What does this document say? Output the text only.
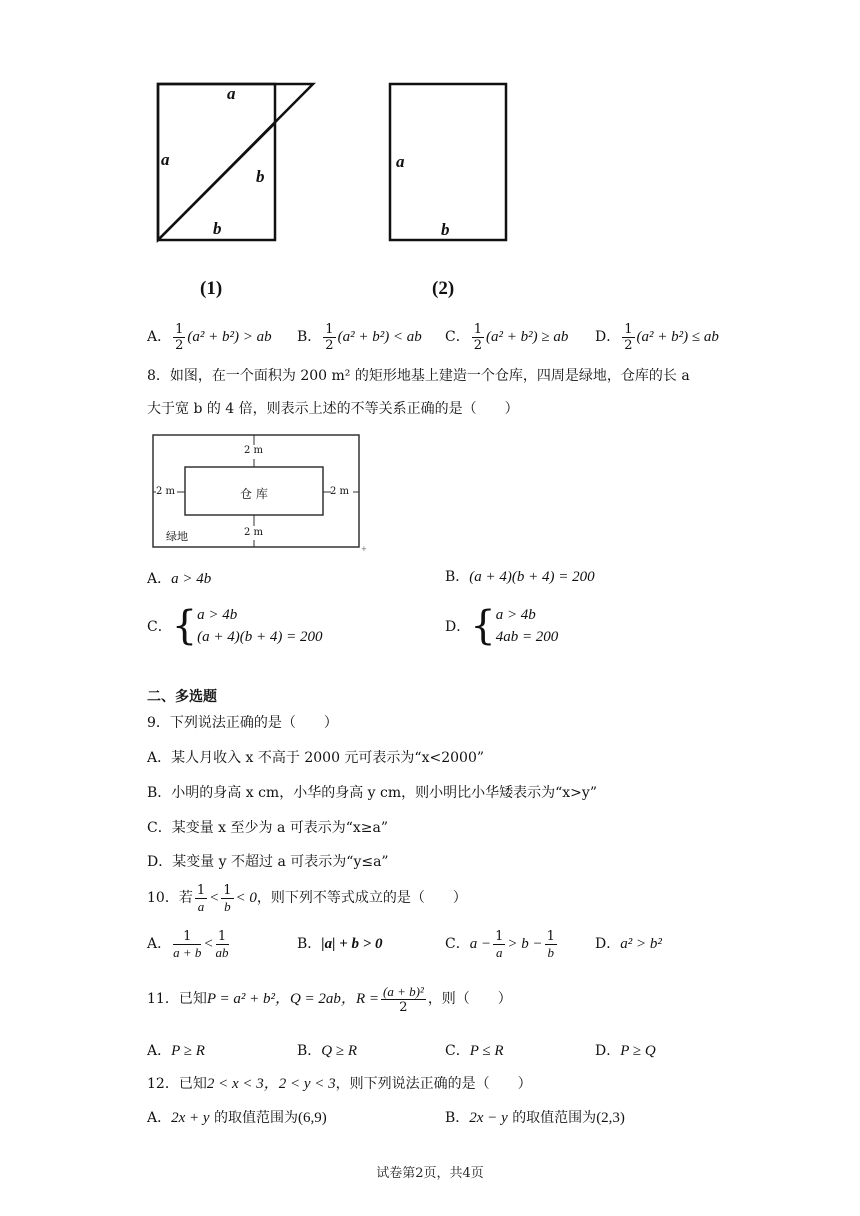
a
a
b
b
(1)
a
b
(2)
A． $\frac{1}{2} (a^2 + b^2)$ > ab B． $\frac{1}{2} (a^2 + b^2)$ < ab C． $\frac{1}{2} (a^2 + b^2)$ ≥ ab D． $\frac{1}{2} (a^2 + b^2)$ ≤ ab
8．如图，在一个面积为 200 m² 的矩形地基上建造一个仓库，四周是绿地，仓库的长 a
大于宽 b 的 4 倍，则表示上述的不等关系正确的是（　　）
+
2 m
2 m
2 m	2 m
仓 库
绿地
A．a > 4b	B．(a + 4)(b + 4) = 200
C．{ a > 4b
(a + 4)(b + 4) = 200
D．{ a > 4b
4ab = 200
二、多选题
9．下列说法正确的是（　　）
A．某人月收入 x 不高于 2000 元可表示为“x<2000”
B．小明的身高 x cm，小华的身高 y cm，则小明比小华矮表示为“x>y”
C．某变量 x 至少为 a 可表示为“x≥a”
D．某变量 y 不超过 a 可表示为“y≤a”
10．若 $\frac{1}{a} < \frac{1}{b} < 0$，则下列不等式成立的是（　　）
A． $\frac{1}{a + b} < \frac{1}{ab}$	B．|a| + b > 0	C．$a - \frac{1}{a} > b - \frac{1}{b}$	D．a² > b²
11．已知P = a² + b²，Q = 2ab，$R = \frac{\text{(a + b)²}}{2}$ ，则（　　）
A．P ≥ R	B．Q ≥ R	C．P ≤ R	D．P ≥ Q
12．已知2 < x < 3，2 < y < 3，则下列说法正确的是（　　）
A．2x + y 的取值范围为(6,9)	B．2x − y 的取值范围为(2,3)
试卷第2页，共4页
